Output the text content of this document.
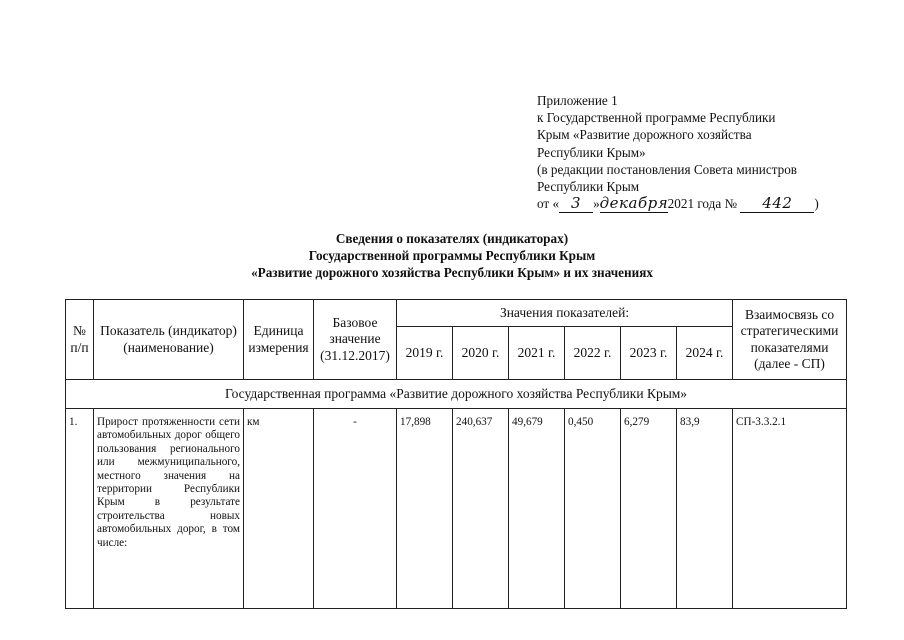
Приложение 1
к Государственной программе Республики
Крым «Развитие дорожного хозяйства
Республики Крым»
(в редакции постановления Совета министров
Республики Крым
от « 3 »декабря2021 года № 442 )
Сведения о показателях (индикаторах)
Государственной программы Республики Крым
«Развитие дорожного хозяйства Республики Крым» и их значениях
№ п/п	Показатель (индикатор) (наименование)	Единица измерения	Базовое значение (31.12.2017)	Значения показателей:						Взаимосвязь со стратегическими показателями (далее - СП)
				2019 г.	2020 г.	2021 г.	2022 г.	2023 г.	2024 г.	
Государственная программа «Развитие дорожного хозяйства Республики Крым»										
1.	Прирост протяженности сети автомобильных дорог общего пользования регионального или межмуниципального, местного значения на территории Республики Крым в результате строительства новых автомобильных дорог, в том числе:	км	-	17,898	240,637	49,679	0,450	6,279	83,9	СП-3.3.2.1
